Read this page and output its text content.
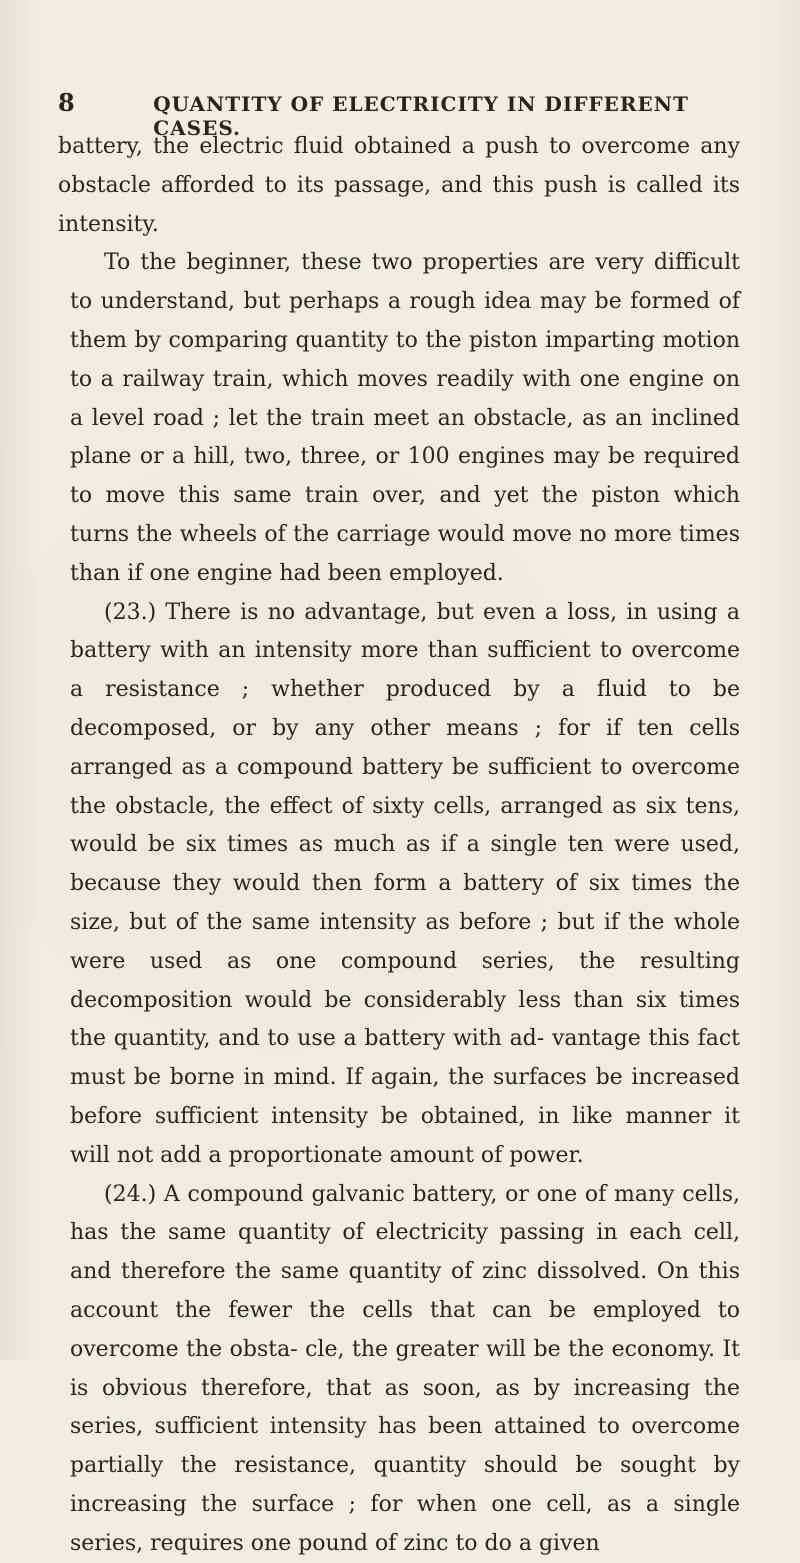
8	QUANTITY OF ELECTRICITY IN DIFFERENT CASES.

battery, the electric fluid obtained a push to overcome any obstacle afforded to its passage, and this push is called its intensity.

To the beginner, these two properties are very difficult to understand, but perhaps a rough idea may be formed of them by comparing quantity to the piston imparting motion to a railway train, which moves readily with one engine on a level road ; let the train meet an obstacle, as an inclined plane or a hill, two, three, or 100 engines may be required to move this same train over, and yet the piston which turns the wheels of the carriage would move no more times than if one engine had been employed.

(23.) There is no advantage, but even a loss, in using a battery with an intensity more than sufficient to overcome a resistance ; whether produced by a fluid to be decomposed, or by any other means ; for if ten cells arranged as a compound battery be sufficient to overcome the obstacle, the effect of sixty cells, arranged as six tens, would be six times as much as if a single ten were used, because they would then form a battery of six times the size, but of the same intensity as before ; but if the whole were used as one compound series, the resulting decomposition would be considerably less than six times the quantity, and to use a battery with ad- vantage this fact must be borne in mind. If again, the surfaces be increased before sufficient intensity be obtained, in like manner it will not add a proportionate amount of power.

(24.) A compound galvanic battery, or one of many cells, has the same quantity of electricity passing in each cell, and therefore the same quantity of zinc dissolved. On this account the fewer the cells that can be employed to overcome the obsta- cle, the greater will be the economy. It is obvious therefore, that as soon, as by increasing the series, sufficient intensity has been attained to overcome partially the resistance, quantity should be sought by increasing the surface ; for when one cell, as a single series, requires one pound of zinc to do a given
